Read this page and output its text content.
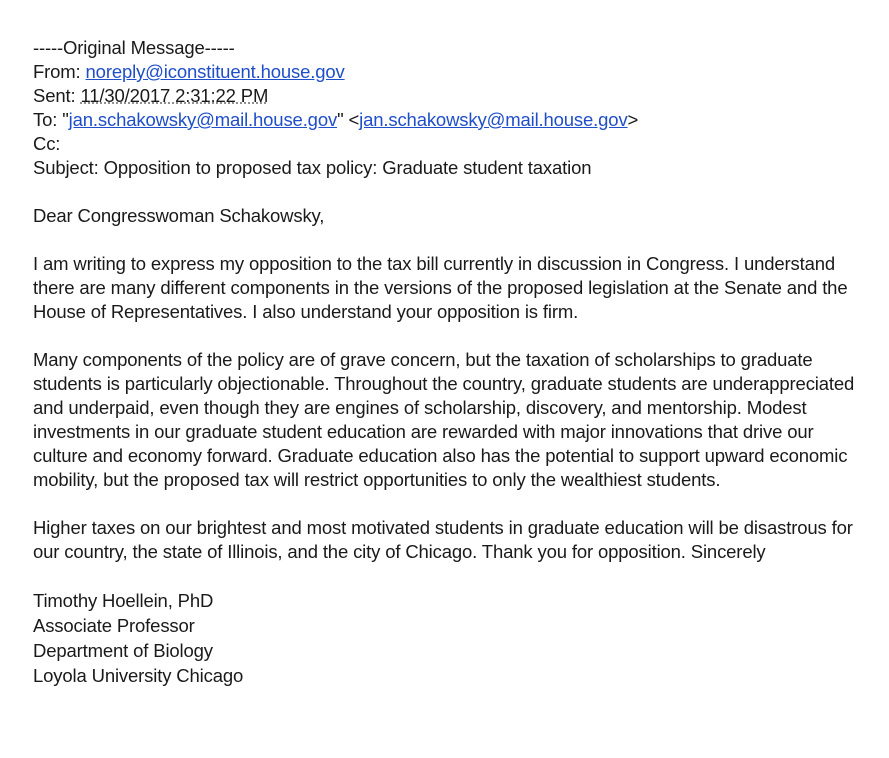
-----Original Message-----
From: noreply@iconstituent.house.gov
Sent: 11/30/2017 2:31:22 PM
To: "jan.schakowsky@mail.house.gov" <jan.schakowsky@mail.house.gov>
Cc:
Subject: Opposition to proposed tax policy: Graduate student taxation
Dear Congresswoman Schakowsky,
I am writing to express my opposition to the tax bill currently in discussion in Congress. I understand
there are many different components in the versions of the proposed legislation at the Senate and the
House of Representatives. I also understand your opposition is firm.
Many components of the policy are of grave concern, but the taxation of scholarships to graduate
students is particularly objectionable. Throughout the country, graduate students are underappreciated
and underpaid, even though they are engines of scholarship, discovery, and mentorship. Modest
investments in our graduate student education are rewarded with major innovations that drive our
culture and economy forward. Graduate education also has the potential to support upward economic
mobility, but the proposed tax will restrict opportunities to only the wealthiest students.
Higher taxes on our brightest and most motivated students in graduate education will be disastrous for
our country, the state of Illinois, and the city of Chicago. Thank you for opposition. Sincerely
Timothy Hoellein, PhD
Associate Professor
Department of Biology
Loyola University Chicago
